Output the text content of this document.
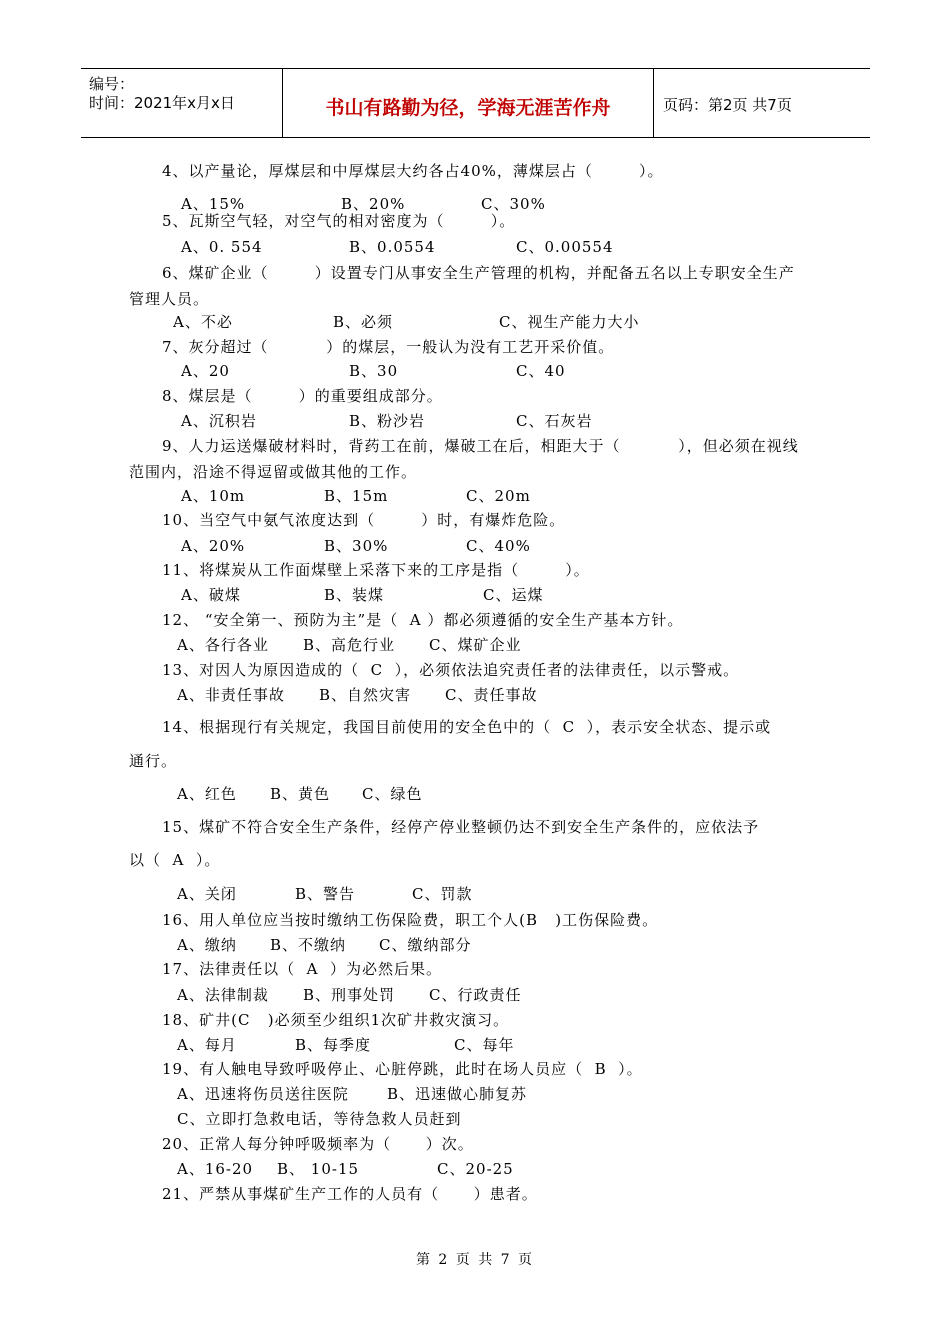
编号：
时间：2021年x月x日	书山有路勤为径，学海无涯苦作舟	页码：第2页 共7页
4、以产量论，厚煤层和中厚煤层大约各占40%，薄煤层占（        ）。
A、15%	B、20%	C、30%
5、瓦斯空气轻，对空气的相对密度为（        ）。
A、0. 554	B、0.0554	C、0.00554
6、煤矿企业（        ）设置专门从事安全生产管理的机构，并配备五名以上专职安全生产
管理人员。
A、不必	B、必须	C、视生产能力大小
7、灰分超过（          ）的煤层，一般认为没有工艺开采价值。
A、20	B、30	C、40
8、煤层是（        ）的重要组成部分。
A、沉积岩	B、粉沙岩	C、石灰岩
9、人力运送爆破材料时，背药工在前，爆破工在后，相距大于（          ），但必须在视线
范围内，沿途不得逗留或做其他的工作。
A、10m	B、15m	C、20m
10、当空气中氨气浓度达到（        ）时，有爆炸危险。
A、20%	B、30%	C、40%
11、将煤炭从工作面煤壁上采落下来的工序是指（        ）。
A、破煤	B、装煤	C、运煤
12、 “安全第一、预防为主”是（  A ）都必须遵循的安全生产基本方针。
A、各行各业 B、高危行业 C、煤矿企业
13、对因人为原因造成的（  C  ），必须依法追究责任者的法律责任，以示警戒。
A、非责任事故 B、自然灾害 C、责任事故
14、根据现行有关规定，我国目前使用的安全色中的（  C  ），表示安全状态、提示或
通行。
A、红色 B、黄色 C、绿色
15、煤矿不符合安全生产条件，经停产停业整顿仍达不到安全生产条件的，应依法予
以（  A  ）。
A、关闭	B、警告	C、罚款
16、用人单位应当按时缴纳工伤保险费，职工个人(B   )工伤保险费。
A、缴纳 B、不缴纳 C、缴纳部分
17、法律责任以（  A  ）为必然后果。
A、法律制裁 B、刑事处罚 C、行政责任
18、矿井(C   )必须至少组织1次矿井救灾演习。
A、每月	B、每季度	C、每年
19、有人触电导致呼吸停止、心脏停跳，此时在场人员应（  B  ）。
A、迅速将伤员送往医院	B、迅速做心肺复苏
C、立即打急救电话，等待急救人员赶到
20、正常人每分钟呼吸频率为（      ）次。
A、16-20 B、 10-15	C、20-25
21、严禁从事煤矿生产工作的人员有（      ）患者。
第 2 页 共 7 页
